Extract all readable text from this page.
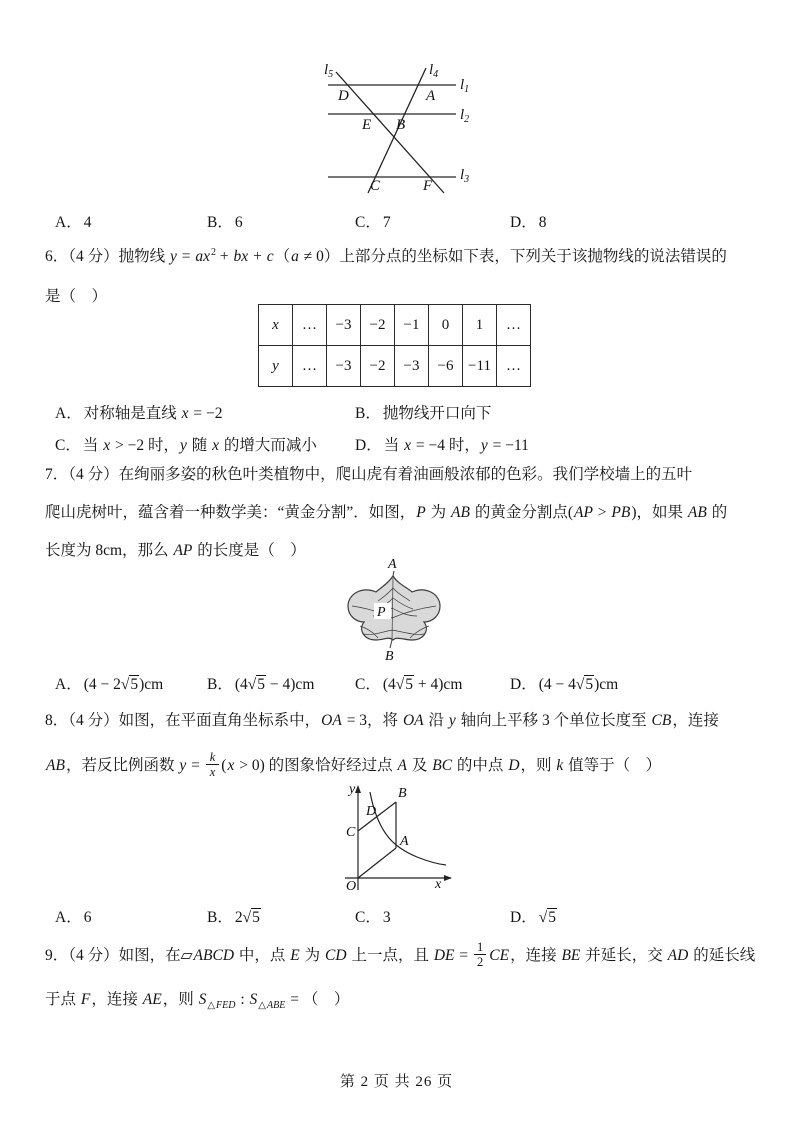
$l_5$	$l_4$
$l_1$
$l_2$
$l_3$
D	A
E B
C	F
A． 4	B． 6	C． 7	D． 8
6．（4 分）抛物线 $y = ax^2$ + bx + c（a ≠ 0）上部分点的坐标如下表，下列关于该抛物线的说法错误的
是（　）
x	…	−3	−2	−1	0	1	…
y	…	−3	−2	−3	−6	−11	…
A． 对称轴是直线 x = −2	B． 抛物线开口向下
C． 当 x > −2 时，y 随 x 的增大而减小 D． 当 x = −4 时，y = −11
7．（4 分）在绚丽多姿的秋色叶类植物中，爬山虎有着油画般浓郁的色彩。我们学校墙上的五叶
爬山虎树叶，蕴含着一种数学美：“黄金分割”．如图，P 为 AB 的黄金分割点(AP > PB)，如果 AB 的
长度为 8cm，那么 AP 的长度是（　）
A
P
B
A． (4 − 2√5)cm	B． (4√5 − 4)cm	C． (4√5 + 4)cm	D． (4 − 4√5)cm
8．（4 分）如图，在平面直角坐标系中，OA = 3，将 OA 沿 y 轴向上平移 3 个单位长度至 CB，连接
AB，若反比例函数 $y = \frac{k}{x} (x > 0)$ 的图象恰好经过点 A 及 BC 的中点 D，则 k 值等于（　）
y
x
O
B
D
C
A
A． 6	B． 2√5	C． 3	D． √5
9．（4 分）如图，在▱ABCD 中，点 E 为 CD 上一点，且 DE = $\frac{1}{2}$ CE，连接 BE 并延长，交 AD 的延长线
于点 F，连接 AE，则 $S_{\triangle FED}$ : $S_{\triangle ABE}$ = （　）
第 2 页 共 26 页
